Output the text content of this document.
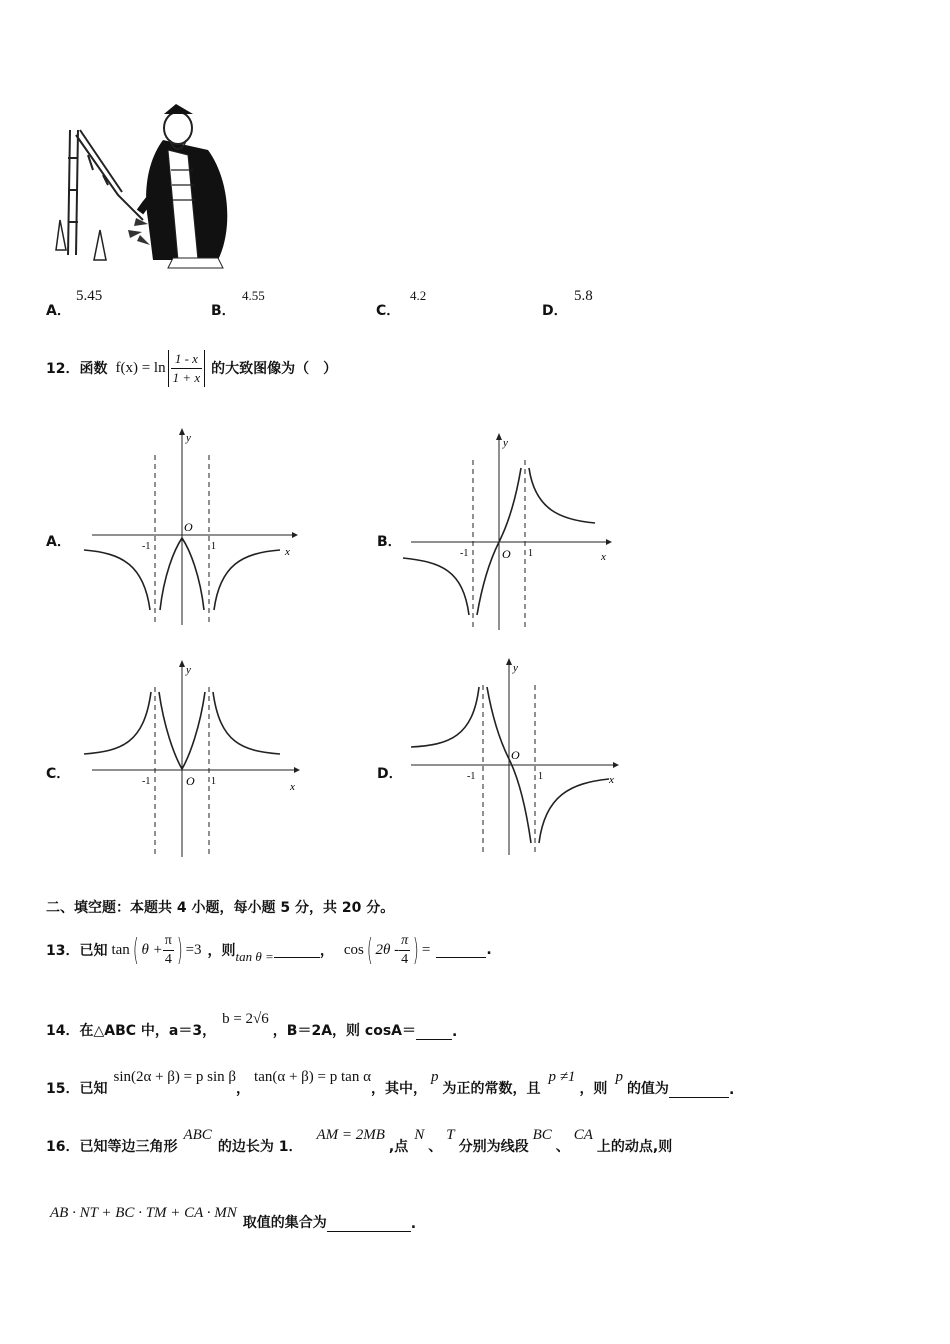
A．
5.45
B．
4.55
C．
4.2
D．
5.8
12． 函数 $f(x) = \ln \frac{1 - x}{1 + x}$ 的大致图像为（　）
A．
y
x
O
-1	1	B．
y
x
O
-1	1
C．
y
x
O
-1	1	D．
y
x
O
-1	1
二、填空题：本题共 4 小题，每小题 5 分，共 20 分。
13． 已知 tan ( $\theta + \frac{\pi}{4}$ ) =3 ，则 tan θ =	， cos ( $2\theta - \frac{\pi}{4}$ ) =	.
14． 在△ABC 中，a＝3，
b = 2√6
，B＝2A，则 cosA＝	.
15． 已知
sin(2α + β) = p sin β
，
tan(α + β) = p tan α
，其中，
p
为正的常数，且
p ≠1
，则
p
的值为	.
16． 已知等边三角形
ABC
的边长为 1．
AM = 2MB
,点
N
、
T
分别为线段
BC
、
CA
上的动点,则
AB · NT + BC · TM + CA · MN
取值的集合为	.
